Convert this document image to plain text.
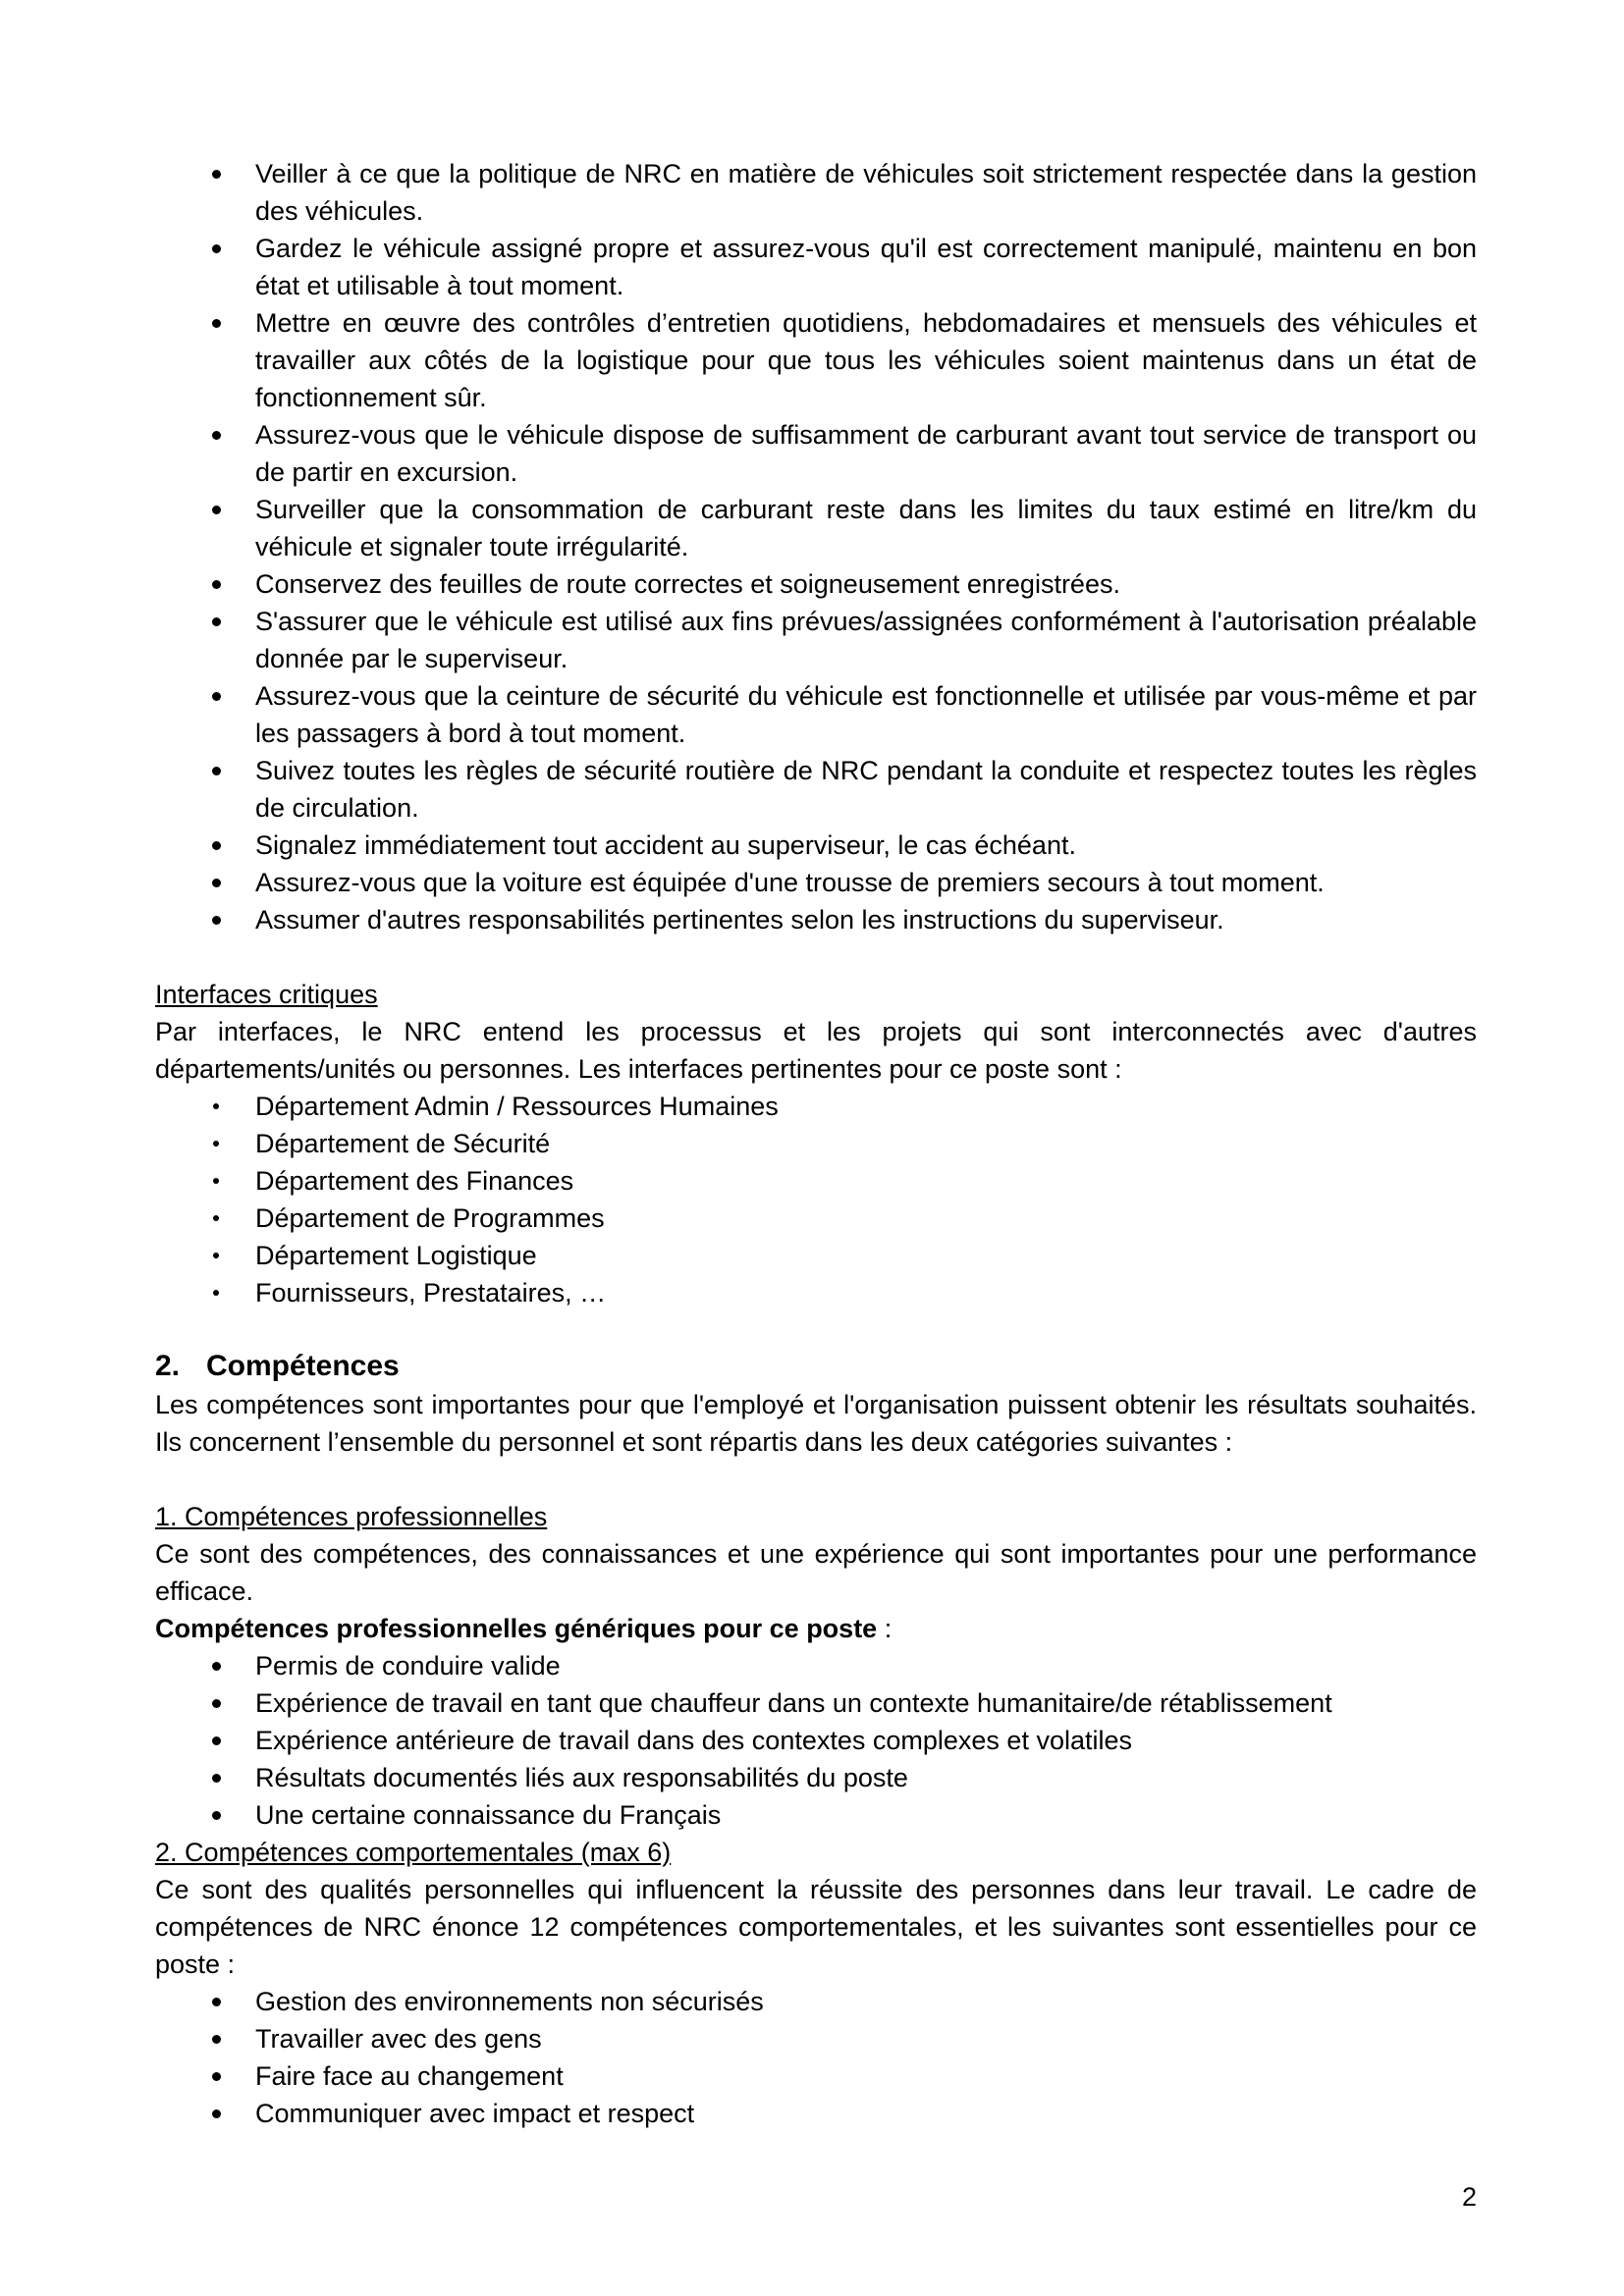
Veiller à ce que la politique de NRC en matière de véhicules soit strictement respectée dans la gestion des véhicules.
Gardez le véhicule assigné propre et assurez-vous qu'il est correctement manipulé, maintenu en bon état et utilisable à tout moment.
Mettre en œuvre des contrôles d’entretien quotidiens, hebdomadaires et mensuels des véhicules et travailler aux côtés de la logistique pour que tous les véhicules soient maintenus dans un état de fonctionnement sûr.
Assurez-vous que le véhicule dispose de suffisamment de carburant avant tout service de transport ou de partir en excursion.
Surveiller que la consommation de carburant reste dans les limites du taux estimé en litre/km du véhicule et signaler toute irrégularité.
Conservez des feuilles de route correctes et soigneusement enregistrées.
S'assurer que le véhicule est utilisé aux fins prévues/assignées conformément à l'autorisation préalable donnée par le superviseur.
Assurez-vous que la ceinture de sécurité du véhicule est fonctionnelle et utilisée par vous-même et par les passagers à bord à tout moment.
Suivez toutes les règles de sécurité routière de NRC pendant la conduite et respectez toutes les règles de circulation.
Signalez immédiatement tout accident au superviseur, le cas échéant.
Assurez-vous que la voiture est équipée d'une trousse de premiers secours à tout moment.
Assumer d'autres responsabilités pertinentes selon les instructions du superviseur.

Interfaces critiques

Par interfaces, le NRC entend les processus et les projets qui sont interconnectés avec d'autres départements/unités ou personnes. Les interfaces pertinentes pour ce poste sont :

Département Admin / Ressources Humaines
Département de Sécurité
Département des Finances
Département de Programmes
Département Logistique
Fournisseurs, Prestataires, …
2. Compétences

Les compétences sont importantes pour que l'employé et l'organisation puissent obtenir les résultats souhaités. Ils concernent l’ensemble du personnel et sont répartis dans les deux catégories suivantes :

1. Compétences professionnelles

Ce sont des compétences, des connaissances et une expérience qui sont importantes pour une performance efficace.

Compétences professionnelles génériques pour ce poste :

Permis de conduire valide
Expérience de travail en tant que chauffeur dans un contexte humanitaire/de rétablissement
Expérience antérieure de travail dans des contextes complexes et volatiles
Résultats documentés liés aux responsabilités du poste
Une certaine connaissance du Français

2. Compétences comportementales (max 6)

Ce sont des qualités personnelles qui influencent la réussite des personnes dans leur travail. Le cadre de compétences de NRC énonce 12 compétences comportementales, et les suivantes sont essentielles pour ce poste :

Gestion des environnements non sécurisés
Travailler avec des gens
Faire face au changement
Communiquer avec impact et respect
2
